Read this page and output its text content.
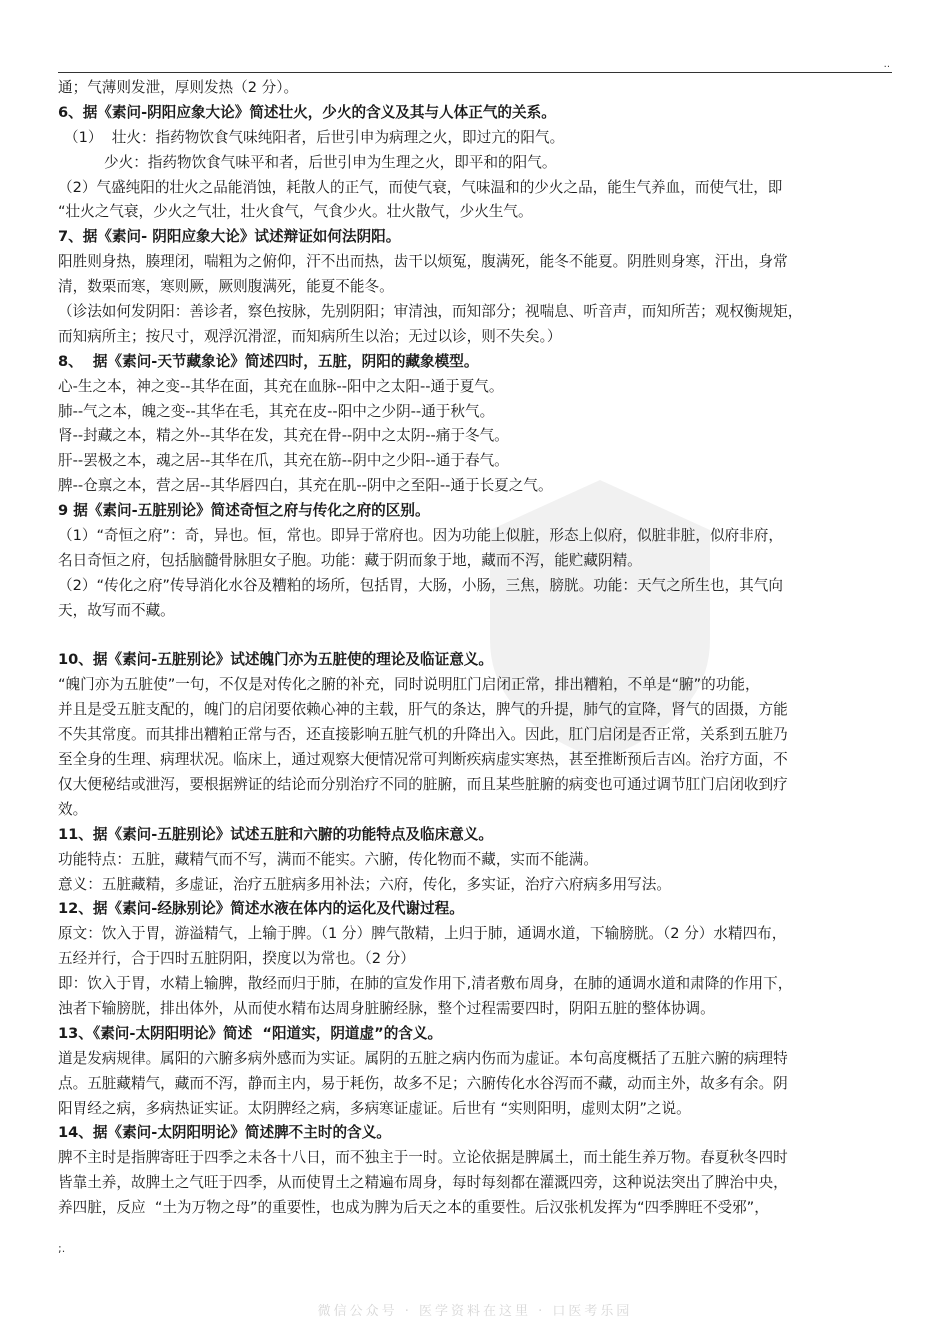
..
通；气薄则发泄，厚则发热（2 分）。
6、据《素问-阴阳应象大论》简述壮火，少火的含义及其与人体正气的关系。
（1）  壮火：指药物饮食气味纯阳者，后世引申为病理之火，即过亢的阳气。
少火：指药物饮食气味平和者，后世引申为生理之火，即平和的阳气。
（2）气盛纯阳的壮火之品能消蚀，耗散人的正气，而使气衰，气味温和的少火之品，能生气养血，而使气壮，即
“壮火之气衰，少火之气壮，壮火食气，气食少火。壮火散气，少火生气。
7、据《素问- 阴阳应象大论》试述辩证如何法阴阳。
阳胜则身热，腠理闭，喘粗为之俯仰，汗不出而热，齿干以烦冤，腹满死，能冬不能夏。阴胜则身寒，汗出，身常
清，数栗而寒，寒则厥，厥则腹满死，能夏不能冬。
（诊法如何发阴阳：善诊者，察色按脉，先别阴阳；审清浊，而知部分；视喘息、听音声，而知所苦；观权衡规矩，
而知病所主；按尺寸，观浮沉滑涩，而知病所生以治；无过以诊，则不失矣。）
8、  据《素问-天节藏象论》简述四时，五脏，阴阳的藏象模型。
心-生之本，神之变--其华在面，其充在血脉--阳中之太阳--通于夏气。
肺--气之本，魄之变--其华在毛，其充在皮--阳中之少阴--通于秋气。
肾--封藏之本，精之外--其华在发，其充在骨--阴中之太阴--痛于冬气。
肝--罢极之本，魂之居--其华在爪，其充在筋--阴中之少阳--通于春气。
脾--仓禀之本，营之居--其华唇四白，其充在肌--阴中之至阳--通于长夏之气。
9 据《素问-五脏别论》简述奇恒之府与传化之府的区别。
（1）“奇恒之府”：奇，异也。恒，常也。即异于常府也。因为功能上似脏，形态上似府，似脏非脏，似府非府，
名日奇恒之府，包括脑髓骨脉胆女子胞。功能：藏于阴而象于地，藏而不泻，能贮藏阴精。
（2）“传化之府”传导消化水谷及糟粕的场所，包括胃，大肠，小肠，三焦，膀胱。功能：天气之所生也，其气向
天，故写而不藏。
10、据《素问-五脏别论》试述魄门亦为五脏使的理论及临证意义。
“魄门亦为五脏使”一句，不仅是对传化之腑的补充，同时说明肛门启闭正常，排出糟粕，不单是“腑”的功能，
并且是受五脏支配的，魄门的启闭要依赖心神的主载，肝气的条达，脾气的升提，肺气的宣降，肾气的固摄，方能
不失其常度。而其排出糟粕正常与否，还直接影响五脏气机的升降出入。因此，肛门启闭是否正常，关系到五脏乃
至全身的生理、病理状况。临床上，通过观察大便情况常可判断疾病虚实寒热，甚至推断预后吉凶。治疗方面，不
仅大便秘结或泄泻，要根据辨证的结论而分别治疗不同的脏腑，而且某些脏腑的病变也可通过调节肛门启闭收到疗
效。
11、据《素问-五脏别论》试述五脏和六腑的功能特点及临床意义。
功能特点：五脏，藏精气而不写，满而不能实。六腑，传化物而不藏，实而不能满。
意义：五脏藏精，多虚证，治疗五脏病多用补法；六府，传化，多实证，治疗六府病多用写法。
12、据《素问-经脉别论》简述水液在体内的运化及代谢过程。
原文：饮入于胃，游溢精气，上输于脾。（1 分）脾气散精，上归于肺，通调水道，下输膀胱。（2 分）水精四布，
五经并行，合于四时五脏阴阳，揆度以为常也。（2 分）
即：饮入于胃，水精上输脾，散经而归于肺，在肺的宣发作用下,清者敷布周身，在肺的通调水道和肃降的作用下，
浊者下输膀胱，排出体外，从而使水精布达周身脏腑经脉，整个过程需要四时，阴阳五脏的整体协调。
13、《素问-太阴阳明论》简述  “阳道实，阴道虚”的含义。
道是发病规律。属阳的六腑多病外感而为实证。属阴的五脏之病内伤而为虚证。本句高度概括了五脏六腑的病理特
点。五脏藏精气，藏而不泻，静而主内，易于耗伤，故多不足；六腑传化水谷泻而不藏，动而主外，故多有余。阴
阳胃经之病，多病热证实证。太阴脾经之病，多病寒证虚证。后世有 “实则阳明，虚则太阴”之说。
14、据《素问-太阴阳明论》简述脾不主时的含义。
脾不主时是指脾寄旺于四季之未各十八日，而不独主于一时。立论依据是脾属土，而土能生养万物。春夏秋冬四时
皆靠土养，故脾土之气旺于四季，从而使胃土之精遍布周身，每时每刻都在灌溉四旁，这种说法突出了脾治中央，
养四脏，反应  “土为万物之母”的重要性，也成为脾为后天之本的重要性。后汉张机发挥为“四季脾旺不受邪”，
;.
微信公众号 · 医学资料在这里 · 口医考乐园
